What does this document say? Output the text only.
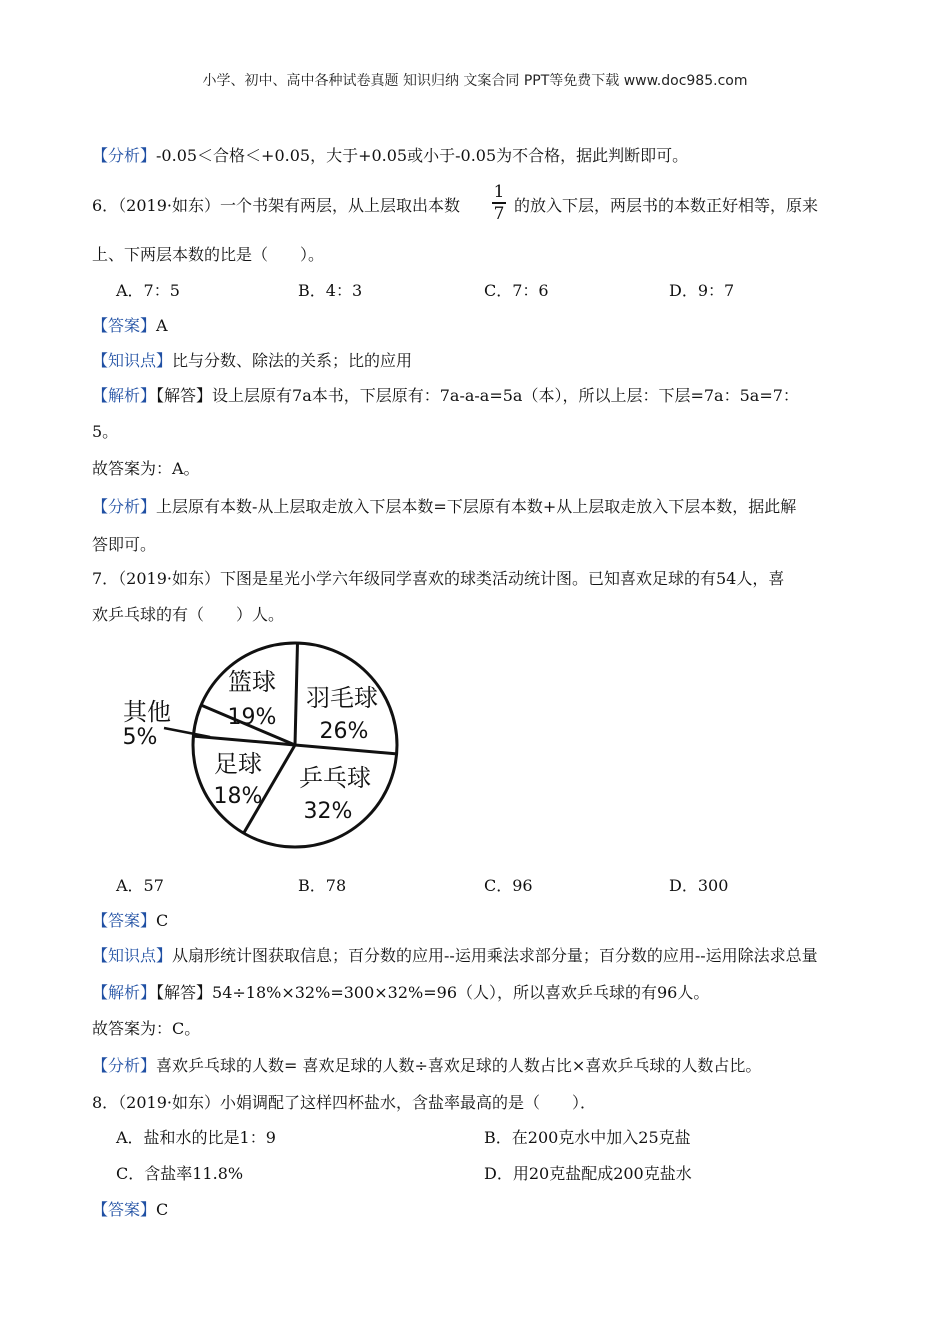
小学、初中、高中各种试卷真题 知识归纳 文案合同 PPT等免费下载 www.doc985.com
【分析】-0.05＜合格＜+0.05，大于+0.05或小于-0.05为不合格，据此判断即可。
6．（2019·如东）一个书架有两层，从上层取出本数
1
7 的放入下层，两层书的本数正好相等，原来
上、下两层本数的比是（　　）。
A．7：5	B．4：3	C．7：6	D．9：7
【答案】A
【知识点】比与分数、除法的关系；比的应用
【解析】【解答】设上层原有7a本书，下层原有：7a-a-a=5a（本），所以上层：下层=7a：5a=7：
5。
故答案为：A。
【分析】上层原有本数-从上层取走放入下层本数=下层原有本数+从上层取走放入下层本数，据此解
答即可。
7．（2019·如东）下图是星光小学六年级同学喜欢的球类活动统计图。已知喜欢足球的有54人，喜
欢乒乓球的有（　　）人。
篮球
19%
羽毛球
26%
乒乓球
32%
足球
18%
其他
5%
A．57	B．78	C．96	D．300
【答案】C
【知识点】从扇形统计图获取信息；百分数的应用--运用乘法求部分量；百分数的应用--运用除法求总量
【解析】【解答】54÷18%×32%=300×32%=96（人），所以喜欢乒乓球的有96人。
故答案为：C。
【分析】喜欢乒乓球的人数= 喜欢足球的人数÷喜欢足球的人数占比×喜欢乒乓球的人数占比。
8．（2019·如东）小娟调配了这样四杯盐水，含盐率最高的是（　　）．
A．盐和水的比是1：9	B．在200克水中加入25克盐
C．含盐率11.8%	D．用20克盐配成200克盐水
【答案】C
